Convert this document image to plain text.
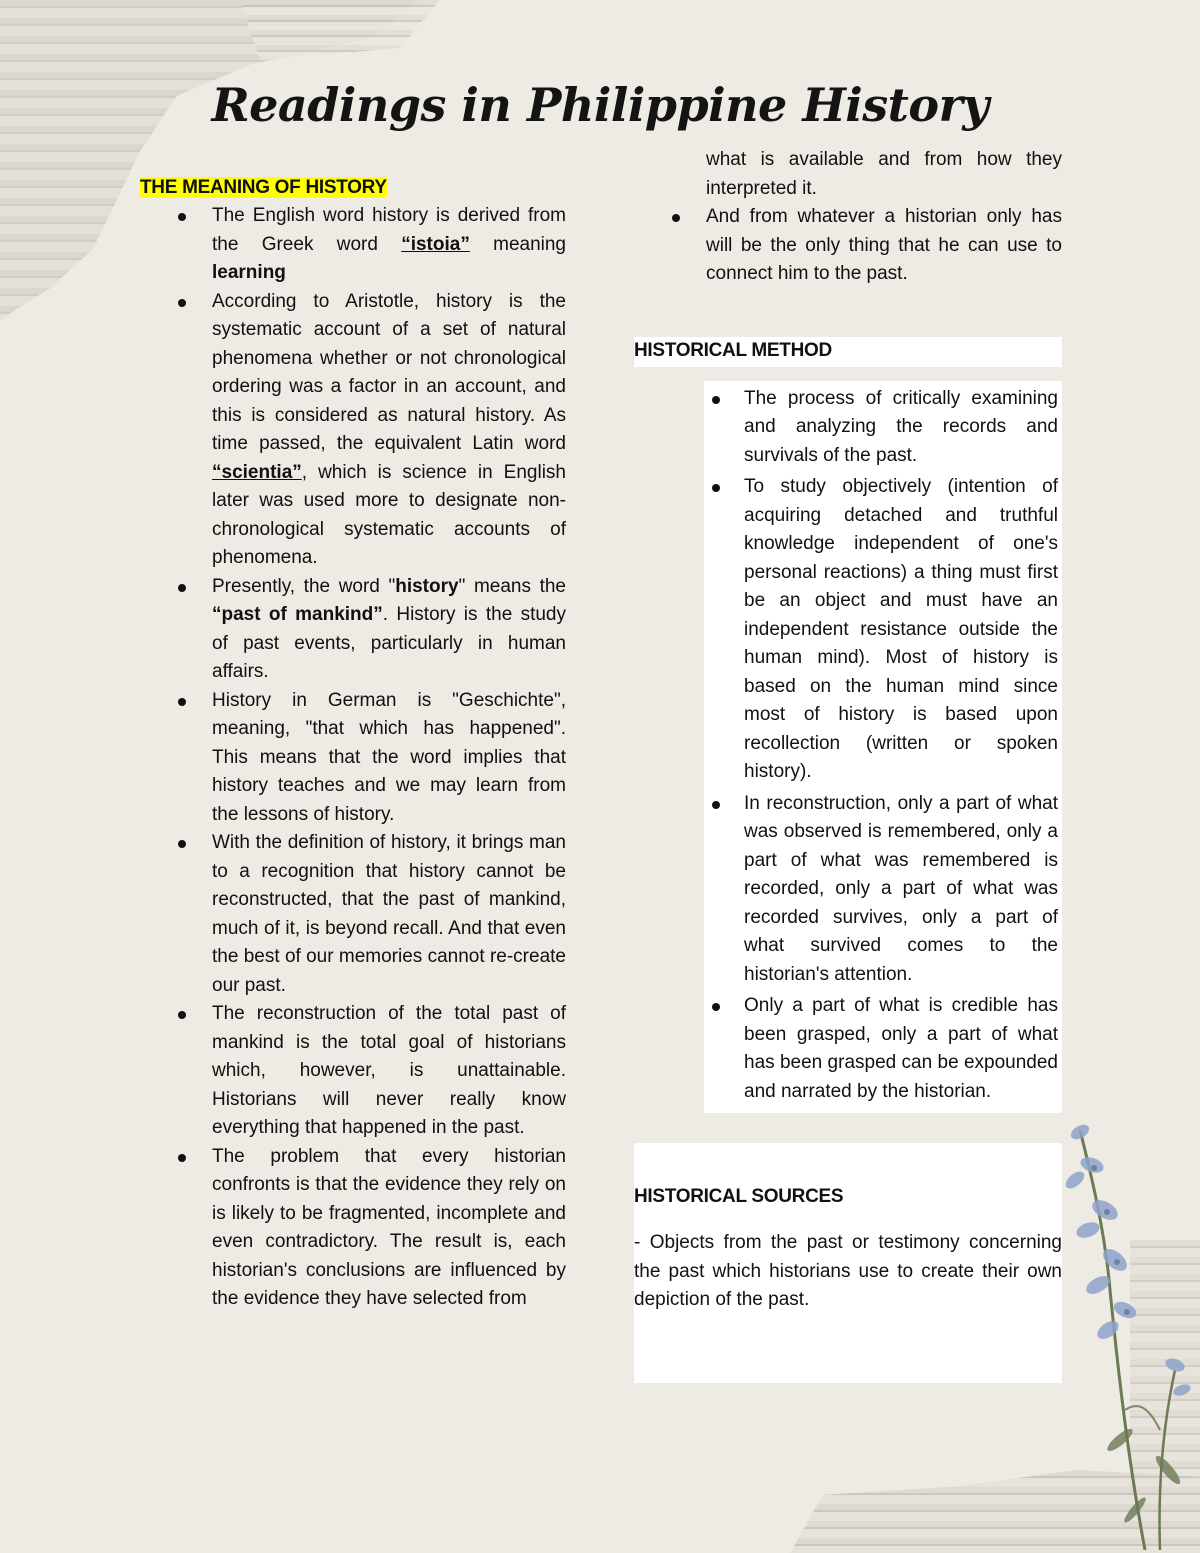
Readings in Philippine History
THE MEANING OF HISTORY
The English word history is derived from the Greek word “istoia” meaning learning
According to Aristotle, history is the systematic account of a set of natural phenomena whether or not chronological ordering was a factor in an account, and this is considered as natural history. As time passed, the equivalent Latin word “scientia”, which is science in English later was used more to designate non-chronological systematic accounts of phenomena.
Presently, the word "history" means the “past of mankind”. History is the study of past events, particularly in human affairs.
History in German is "Geschichte", meaning, "that which has happened". This means that the word implies that history teaches and we may learn from the lessons of history.
With the definition of history, it brings man to a recognition that history cannot be reconstructed, that the past of mankind, much of it, is beyond recall. And that even the best of our memories cannot re-create our past.
The reconstruction of the total past of mankind is the total goal of historians which, however, is unattainable. Historians will never really know everything that happened in the past.
The problem that every historian confronts is that the evidence they rely on is likely to be fragmented, incomplete and even contradictory. The result is, each historian's conclusions are influenced by the evidence they have selected from
what is available and from how they interpreted it.
And from whatever a historian only has will be the only thing that he can use to connect him to the past.
HISTORICAL METHOD
The process of critically examining and analyzing the records and survivals of the past.
To study objectively (intention of acquiring detached and truthful knowledge independent of one's personal reactions) a thing must first be an object and must have an independent resistance outside the human mind). Most of history is based on the human mind since most of history is based upon recollection (written or spoken history).
In reconstruction, only a part of what was observed is remembered, only a part of what was remembered is recorded, only a part of what was recorded survives, only a part of what survived comes to the historian's attention.
Only a part of what is credible has been grasped, only a part of what has been grasped can be expounded and narrated by the historian.
HISTORICAL SOURCES

- Objects from the past or testimony concerning the past which historians use to create their own depiction of the past.
